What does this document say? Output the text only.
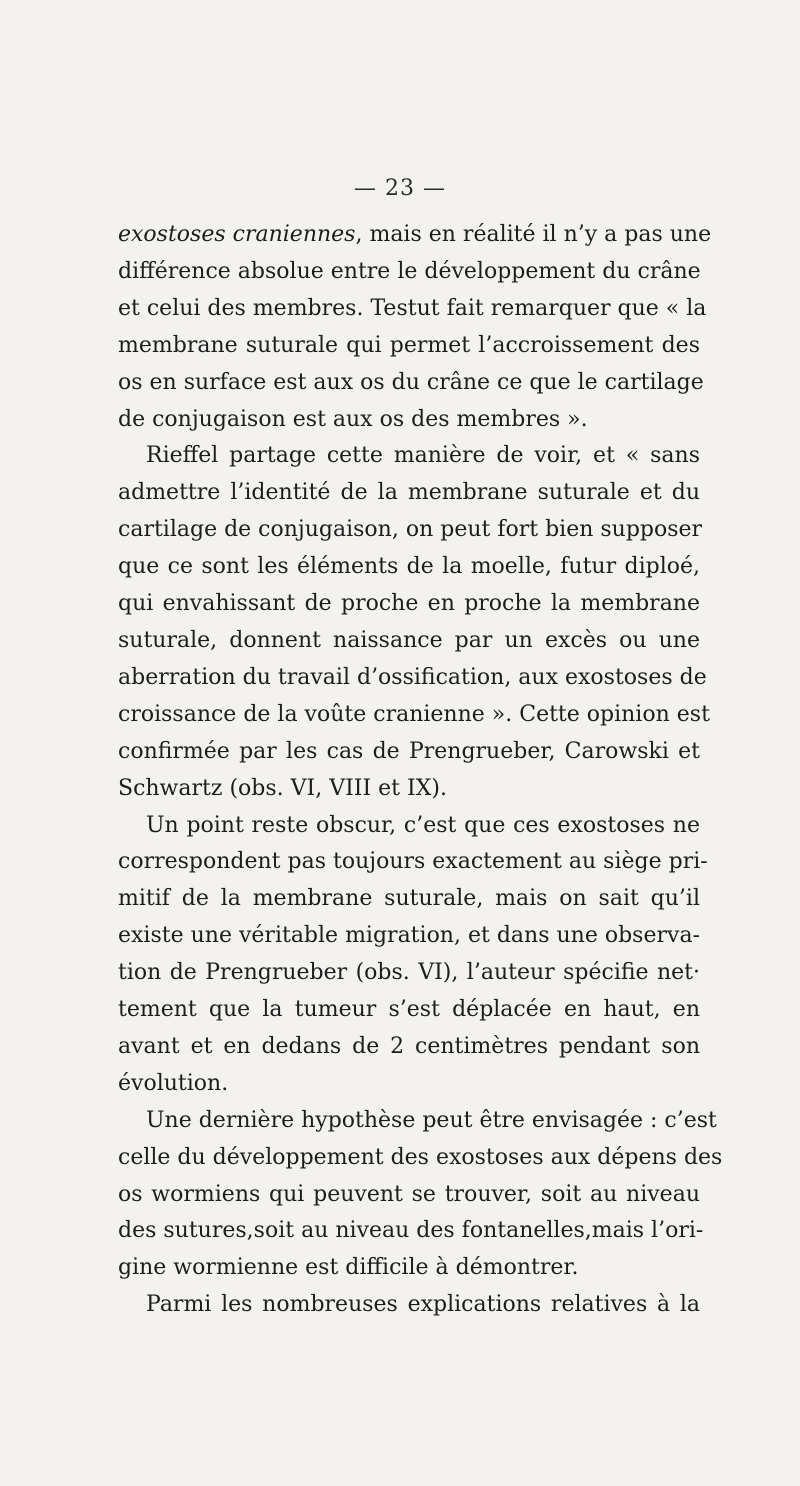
— 23 —
exostoses craniennes, mais en réalité il n’y a pas une
différence absolue entre le développement du crâne
et celui des membres. Testut fait remarquer que « la
membrane suturale qui permet l’accroissement des
os en surface est aux os du crâne ce que le cartilage
de conjugaison est aux os des membres ».
Rieffel partage cette manière de voir, et « sans
admettre l’identité de la membrane suturale et du
cartilage de conjugaison, on peut fort bien supposer
que ce sont les éléments de la moelle, futur diploé,
qui envahissant de proche en proche la membrane
suturale, donnent naissance par un excès ou une
aberration du travail d’ossification, aux exostoses de
croissance de la voûte cranienne ». Cette opinion est
confirmée par les cas de Prengrueber, Carowski et
Schwartz (obs. VI, VIII et IX).
Un point reste obscur, c’est que ces exostoses ne
correspondent pas toujours exactement au siège pri-
mitif de la membrane suturale, mais on sait qu’il
existe une véritable migration, et dans une observa-
tion de Prengrueber (obs. VI), l’auteur spécifie net·
tement que la tumeur s’est déplacée en haut, en
avant et en dedans de 2 centimètres pendant son
évolution.
Une dernière hypothèse peut être envisagée : c’est
celle du développement des exostoses aux dépens des
os wormiens qui peuvent se trouver, soit au niveau
des sutures,soit au niveau des fontanelles,mais l’ori-
gine wormienne est difficile à démontrer.
Parmi les nombreuses explications relatives à la
